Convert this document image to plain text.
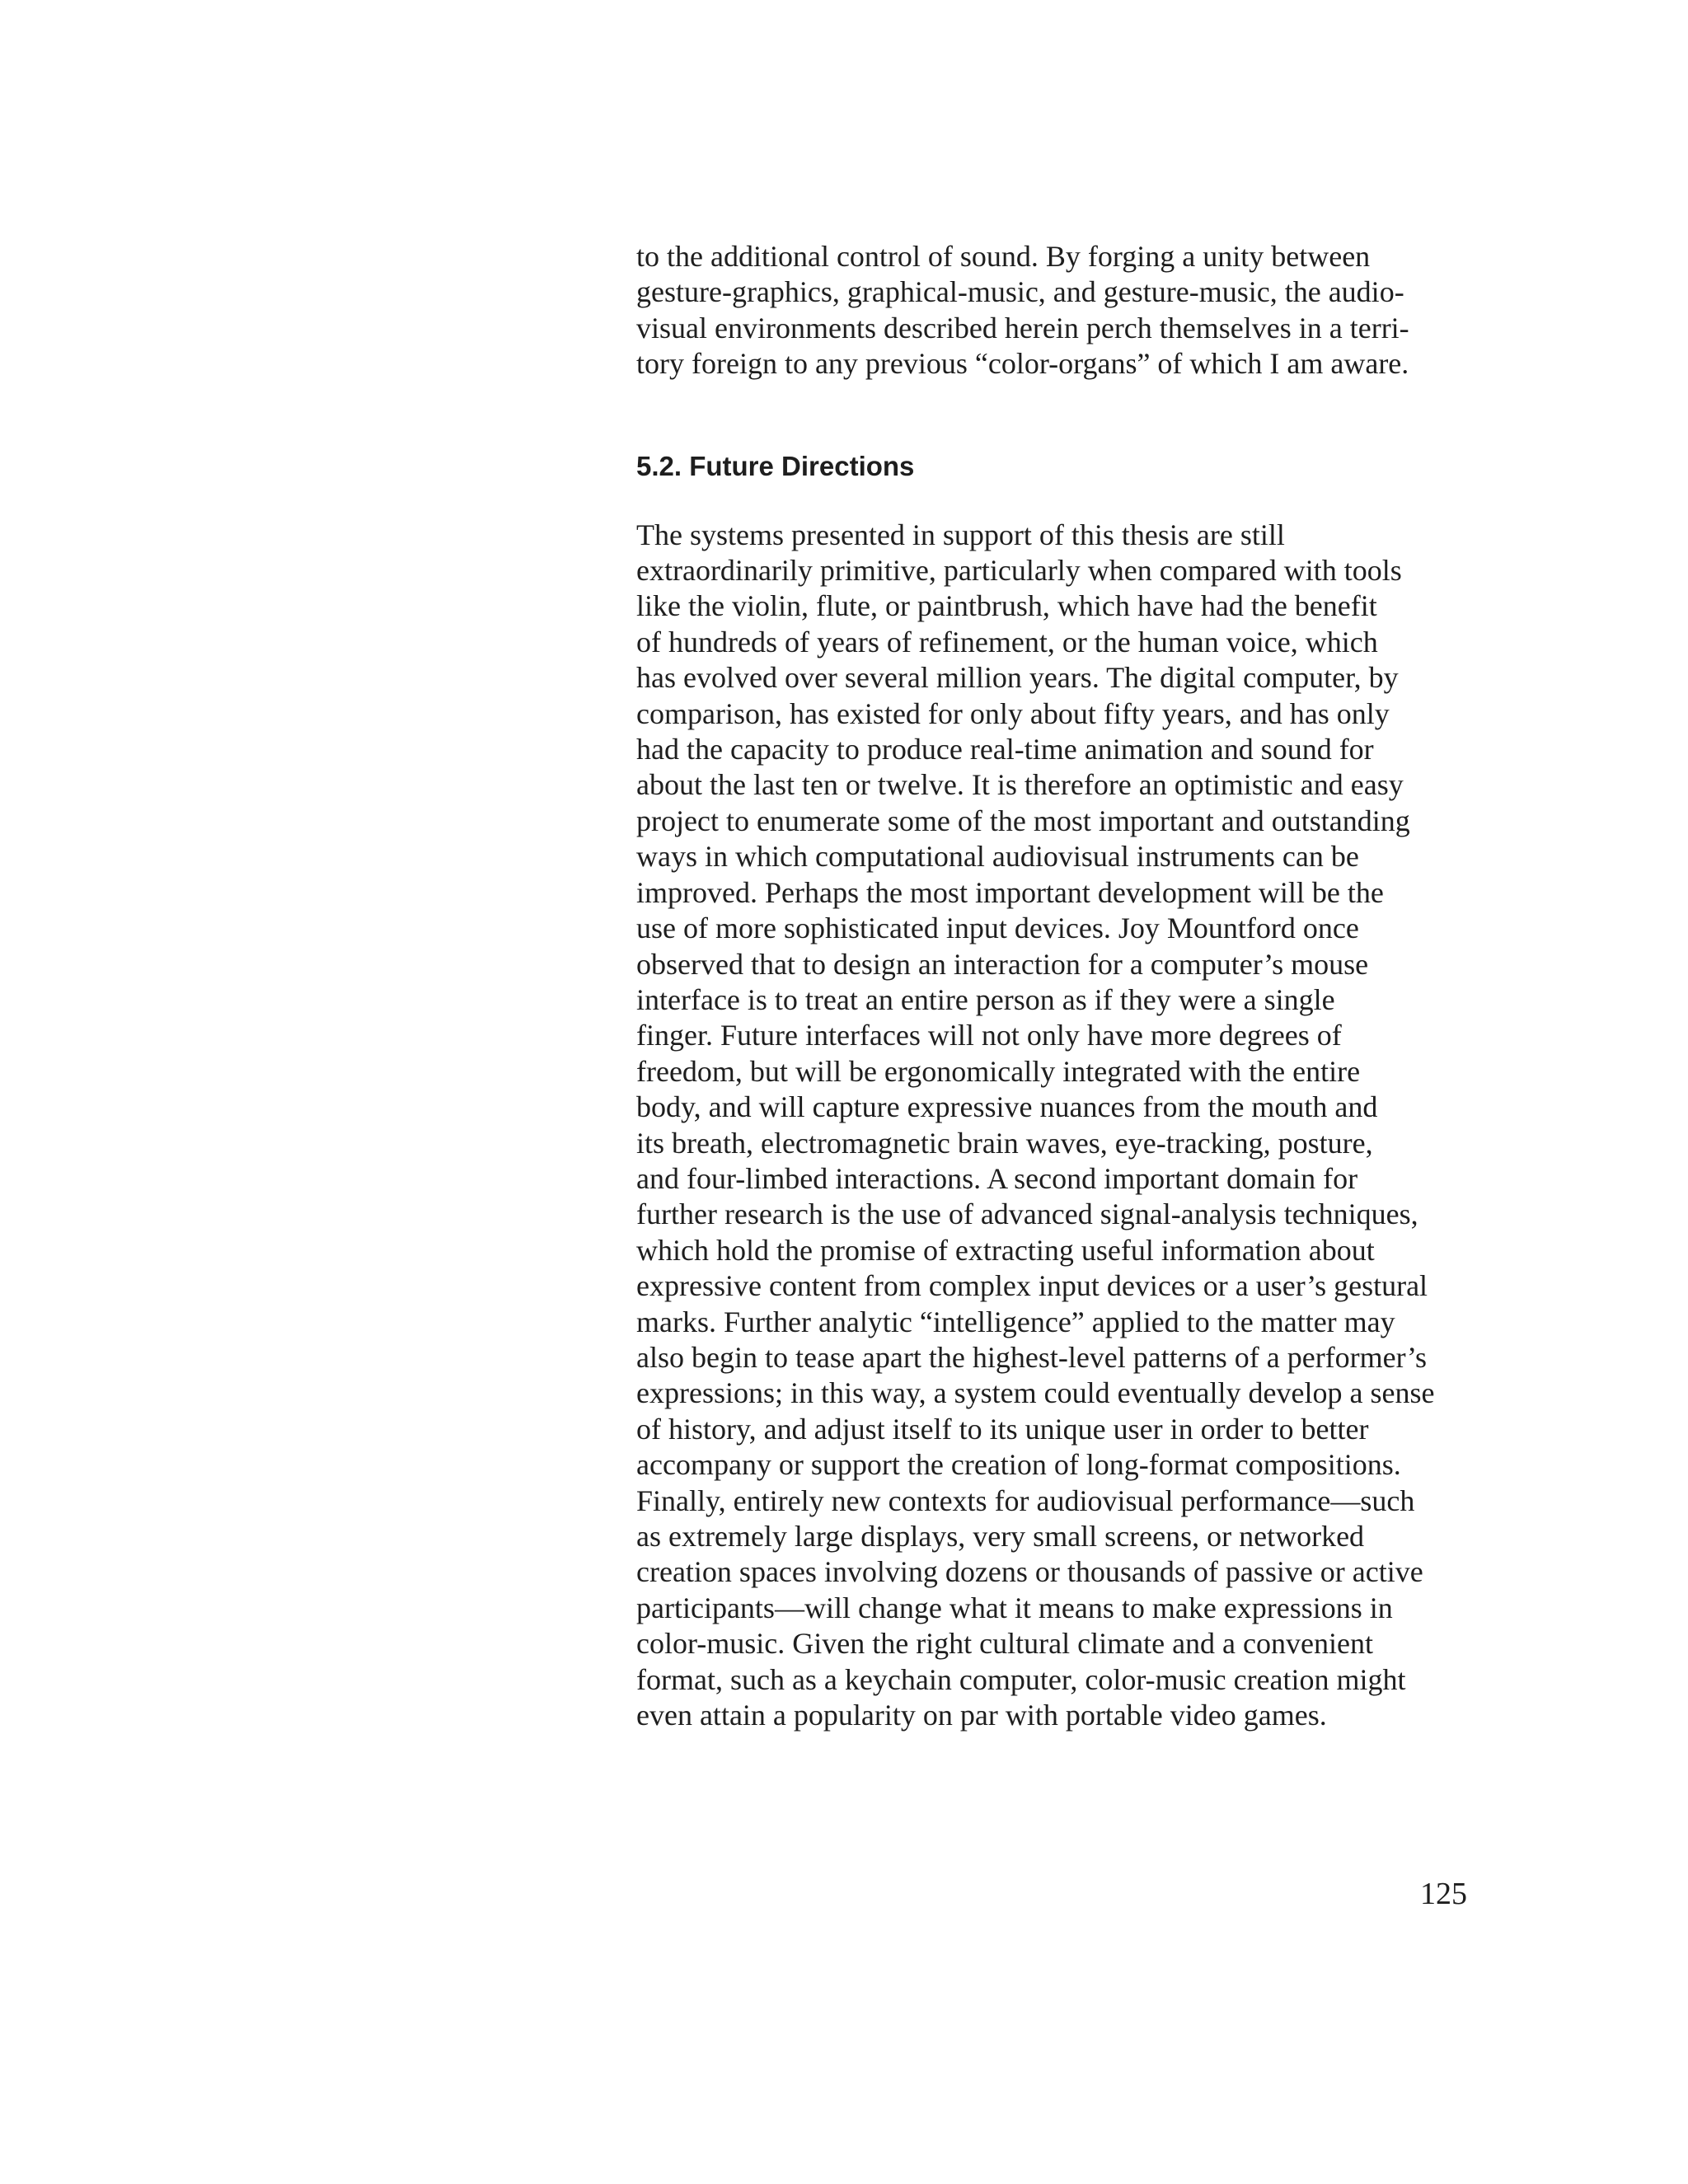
to the additional control of sound. By forging a unity between
gesture-graphics, graphical-music, and gesture-music, the audio-
visual environments described herein perch themselves in a terri-
tory foreign to any previous “color-organs” of which I am aware.
5.2. Future Directions
The systems presented in support of this thesis are still
extraordinarily primitive, particularly when compared with tools
like the violin, flute, or paintbrush, which have had the benefit
of hundreds of years of refinement, or the human voice, which
has evolved over several million years. The digital computer, by
comparison, has existed for only about fifty years, and has only
had the capacity to produce real-time animation and sound for
about the last ten or twelve. It is therefore an optimistic and easy
project to enumerate some of the most important and outstanding
ways in which computational audiovisual instruments can be
improved. Perhaps the most important development will be the
use of more sophisticated input devices. Joy Mountford once
observed that to design an interaction for a computer’s mouse
interface is to treat an entire person as if they were a single
finger. Future interfaces will not only have more degrees of
freedom, but will be ergonomically integrated with the entire
body, and will capture expressive nuances from the mouth and
its breath, electromagnetic brain waves, eye-tracking, posture,
and four-limbed interactions. A second important domain for
further research is the use of advanced signal-analysis techniques,
which hold the promise of extracting useful information about
expressive content from complex input devices or a user’s gestural
marks. Further analytic “intelligence” applied to the matter may
also begin to tease apart the highest-level patterns of a performer’s
expressions; in this way, a system could eventually develop a sense
of history, and adjust itself to its unique user in order to better
accompany or support the creation of long-format compositions.
Finally, entirely new contexts for audiovisual performance—such
as extremely large displays, very small screens, or networked
creation spaces involving dozens or thousands of passive or active
participants—will change what it means to make expressions in
color-music. Given the right cultural climate and a convenient
format, such as a keychain computer, color-music creation might
even attain a popularity on par with portable video games.
125
